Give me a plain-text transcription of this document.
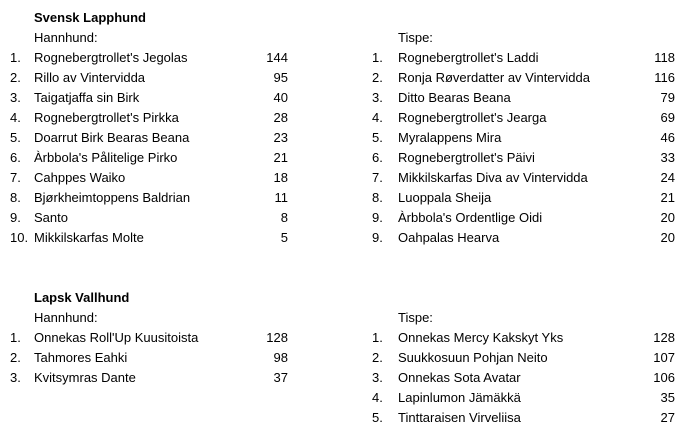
Svensk Lapphund
Hannhund:
1. Rognebergtrollet's Jegolas	144
2. Rillo av Vintervidda	95
3. Taigatjaffa sin Birk	40
4. Rognebergtrollet's Pirkka	28
5. Doarrut Birk Bearas Beana	23
6. Àrbbola's Pålitelige Pirko	21
7. Cahppes Waiko	18
8. Bjørkheimtoppens Baldrian	11
9. Santo	8
10. Mikkilskarfas Molte	5
Tispe:
1. Rognebergtrollet's Laddi	118
2. Ronja Røverdatter av Vintervidda	116
3. Ditto Bearas Beana	79
4. Rognebergtrollet's Jearga	69
5. Myralappens Mira	46
6. Rognebergtrollet's Päivi	33
7. Mikkilskarfas Diva av Vintervidda	24
8. Luoppala Sheija	21
9. Àrbbola's Ordentlige Oidi	20
9. Oahpalas Hearva	20
Lapsk Vallhund
Hannhund:
1. Onnekas Roll'Up Kuusitoista	128
2. Tahmores Eahki	98
3. Kvitsymras Dante	37
Tispe:
1. Onnekas Mercy Kakskyt Yks	128
2. Suukkosuun Pohjan Neito	107
3. Onnekas Sota Avatar	106
4. Lapinlumon Jämäkkä	35
5. Tinttaraisen Virveliisa	27
